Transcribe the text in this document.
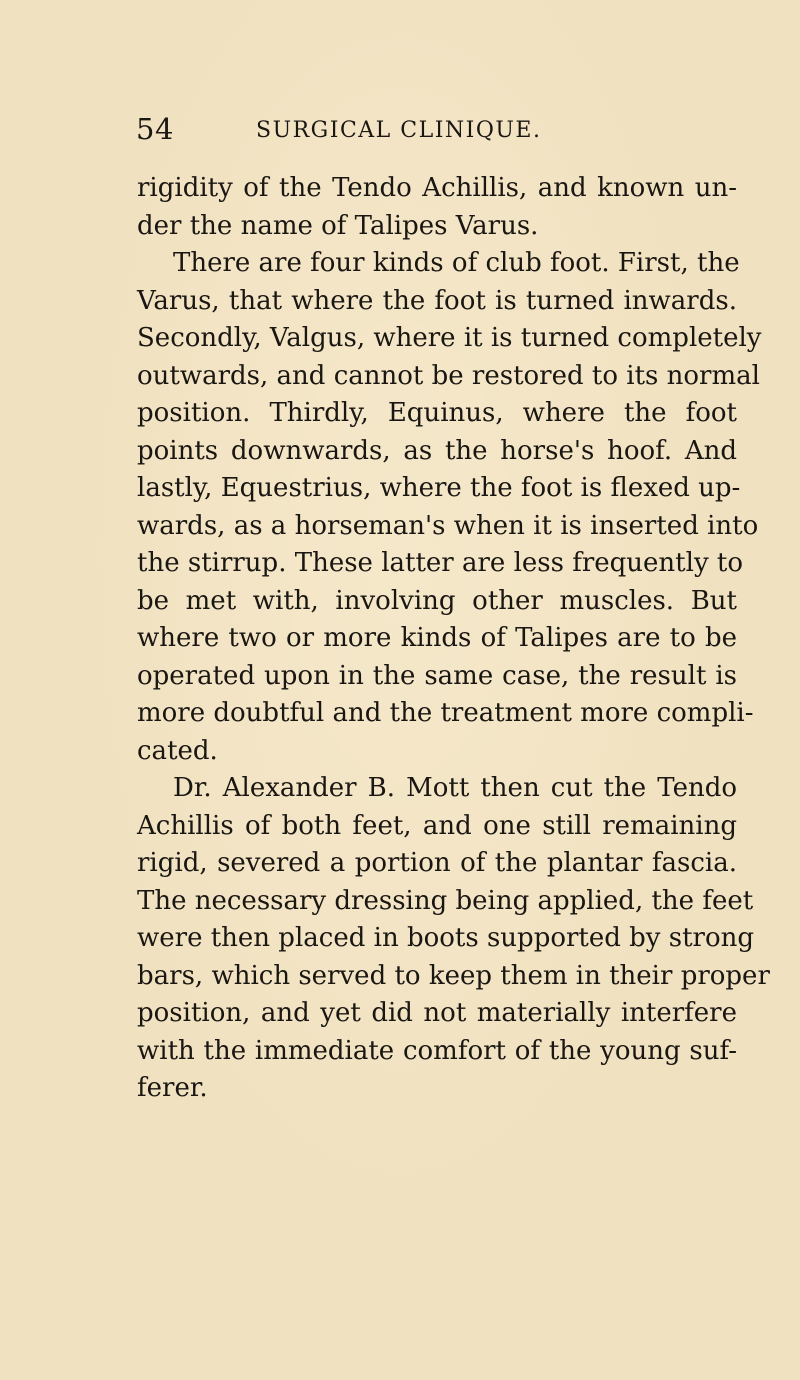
54	SURGICAL CLINIQUE.
rigidity of the Tendo Achillis, and known un-
der the name of Talipes Varus.
There are four kinds of club foot. First, the
Varus, that where the foot is turned inwards.
Secondly, Valgus, where it is turned completely
outwards, and cannot be restored to its normal
position. Thirdly, Equinus, where the foot
points downwards, as the horse's hoof. And
lastly, Equestrius, where the foot is flexed up-
wards, as a horseman's when it is inserted into
the stirrup. These latter are less frequently to
be met with, involving other muscles. But
where two or more kinds of Talipes are to be
operated upon in the same case, the result is
more doubtful and the treatment more compli-
cated.
Dr. Alexander B. Mott then cut the Tendo
Achillis of both feet, and one still remaining
rigid, severed a portion of the plantar fascia.
The necessary dressing being applied, the feet
were then placed in boots supported by strong
bars, which served to keep them in their proper
position, and yet did not materially interfere
with the immediate comfort of the young suf-
ferer.
